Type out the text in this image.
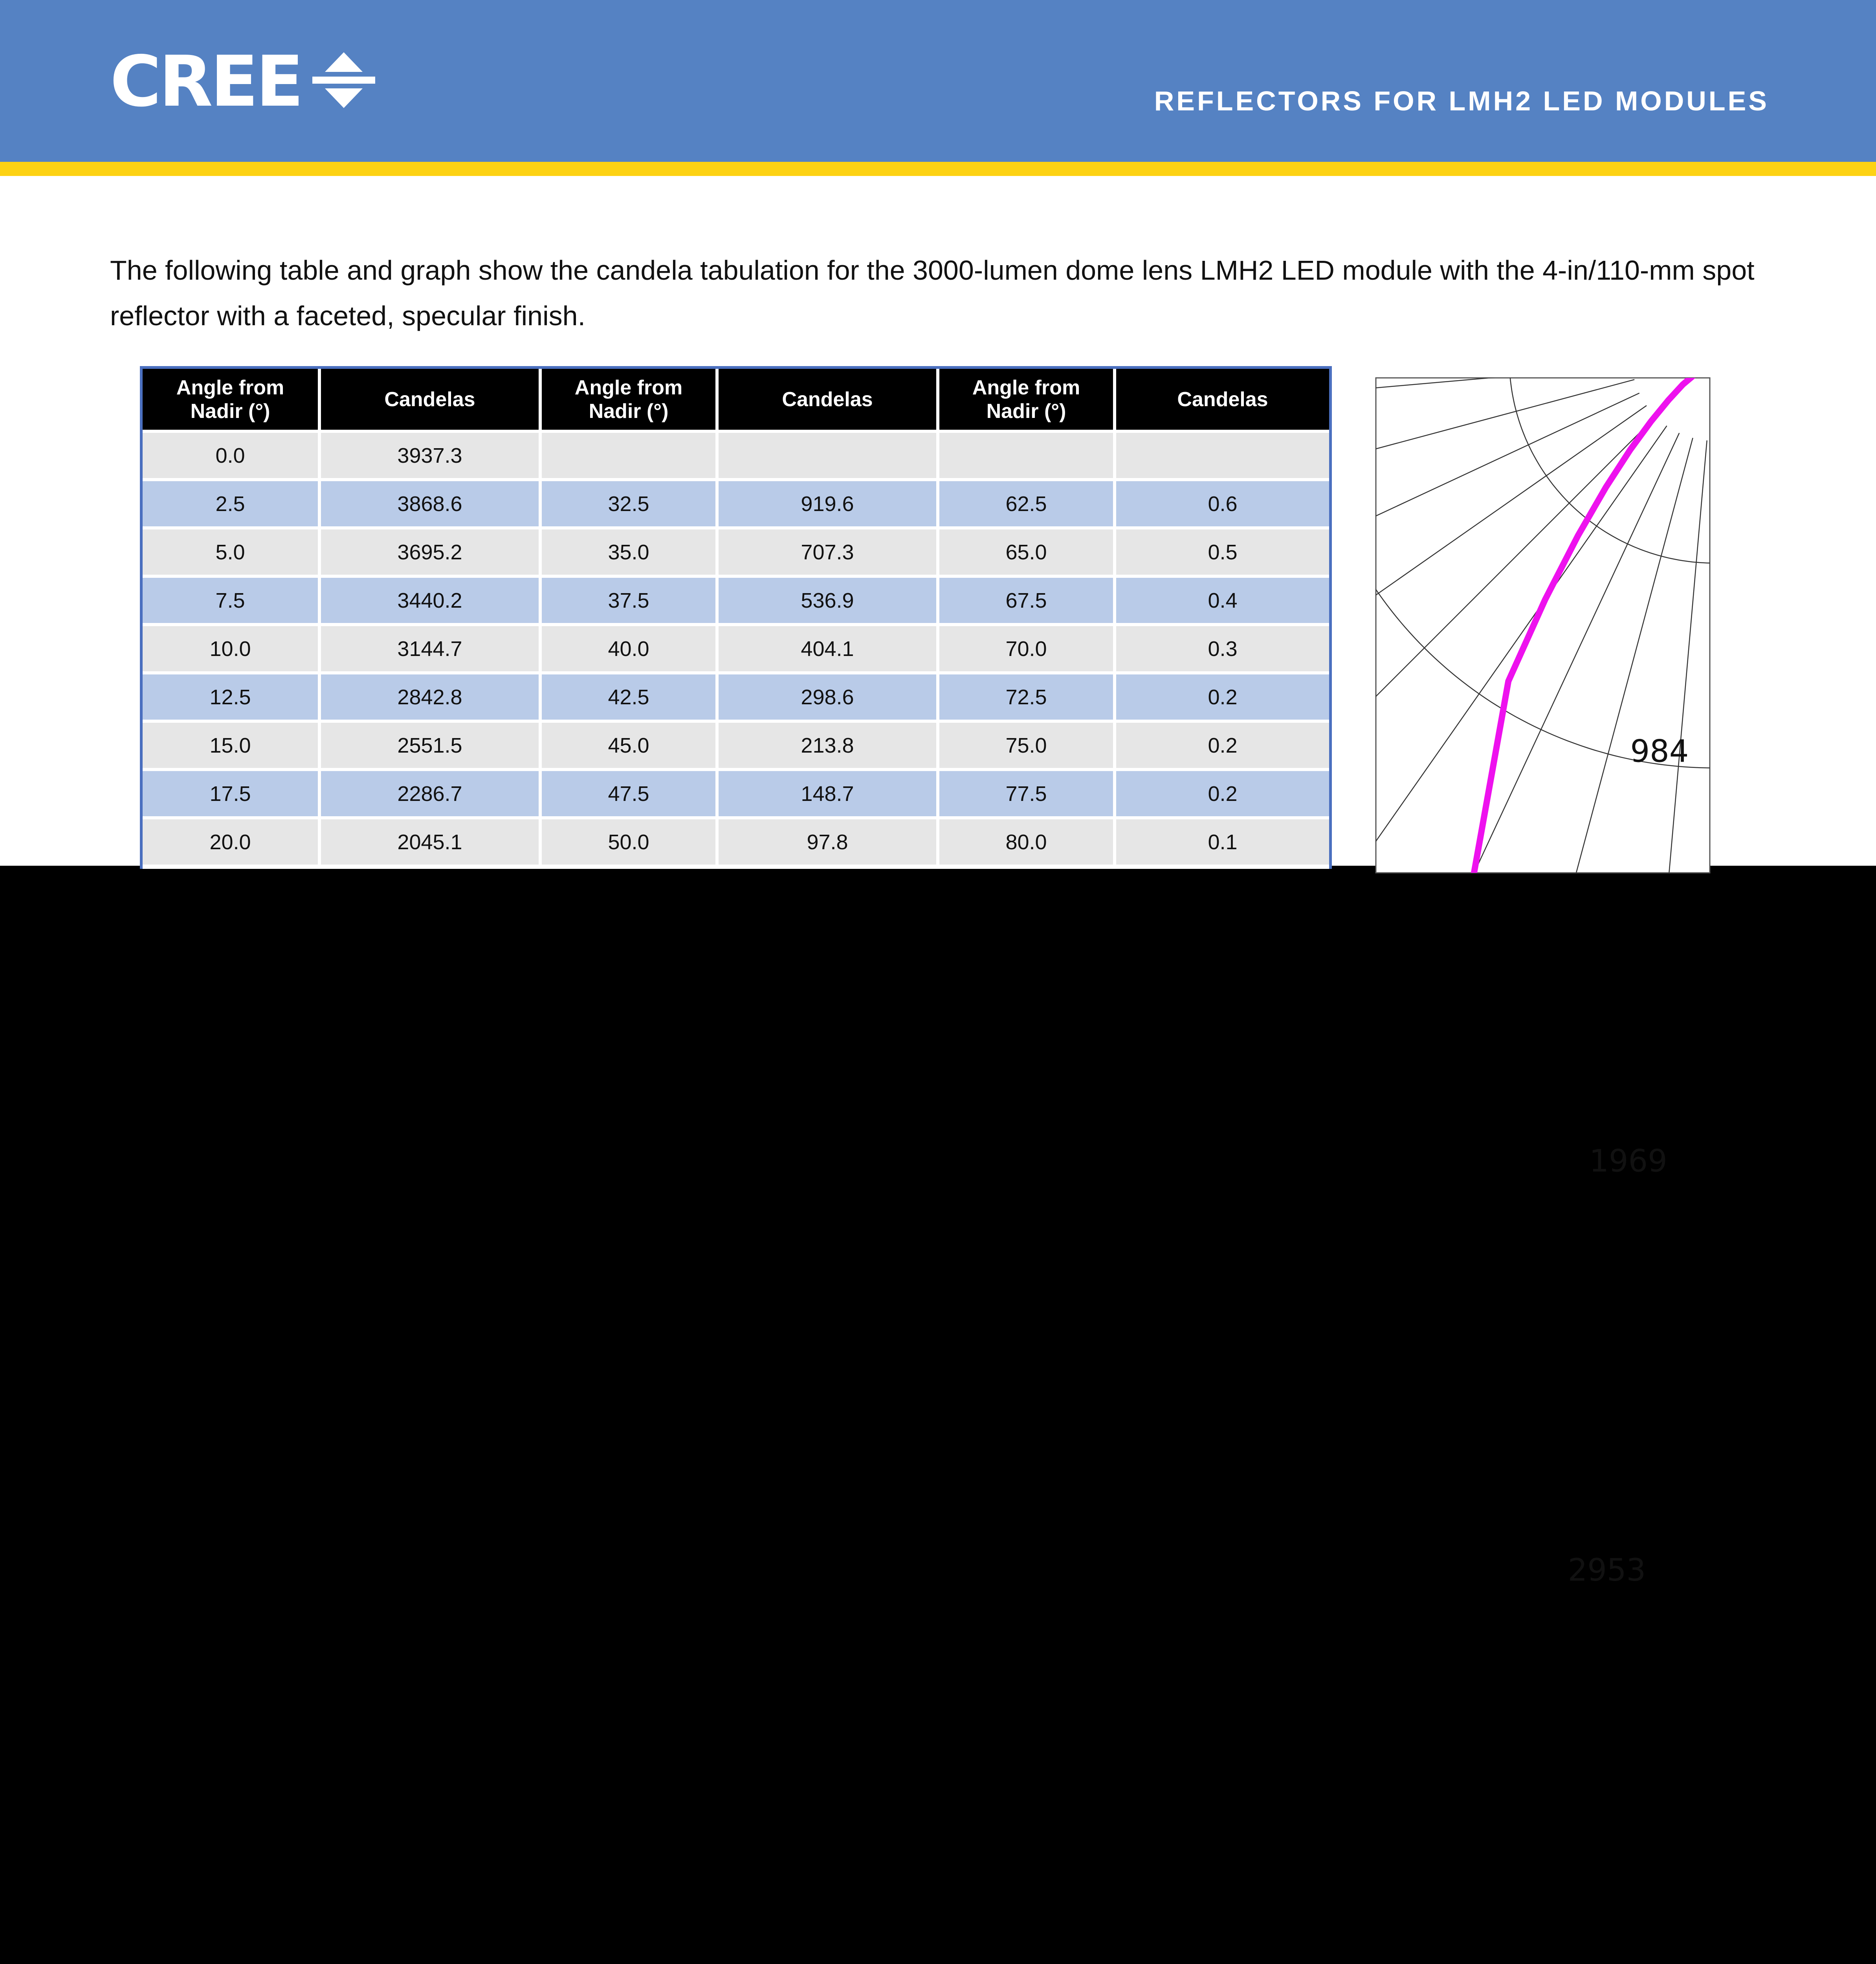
CREE	REFLECTORS FOR LMH2 LED MODULES

The following table and graph show the candela tabulation for the 3000-lumen dome lens LMH2 LED module with the 4-in/110-mm spot reflector with a faceted, specular finish.

Angle from
Nadir (°)	Candelas	Angle from
Nadir (°)	Candelas	Angle from
Nadir (°)	Candelas
0.0	3937.3				
2.5	3868.6	32.5	919.6	62.5	0.6
5.0	3695.2	35.0	707.3	65.0	0.5
7.5	3440.2	37.5	536.9	67.5	0.4
10.0	3144.7	40.0	404.1	70.0	0.3
12.5	2842.8	42.5	298.6	72.5	0.2
15.0	2551.5	45.0	213.8	75.0	0.2
17.5	2286.7	47.5	148.7	77.5	0.2
20.0	2045.1	50.0	97.8	80.0	0.1
984
1969
2953
